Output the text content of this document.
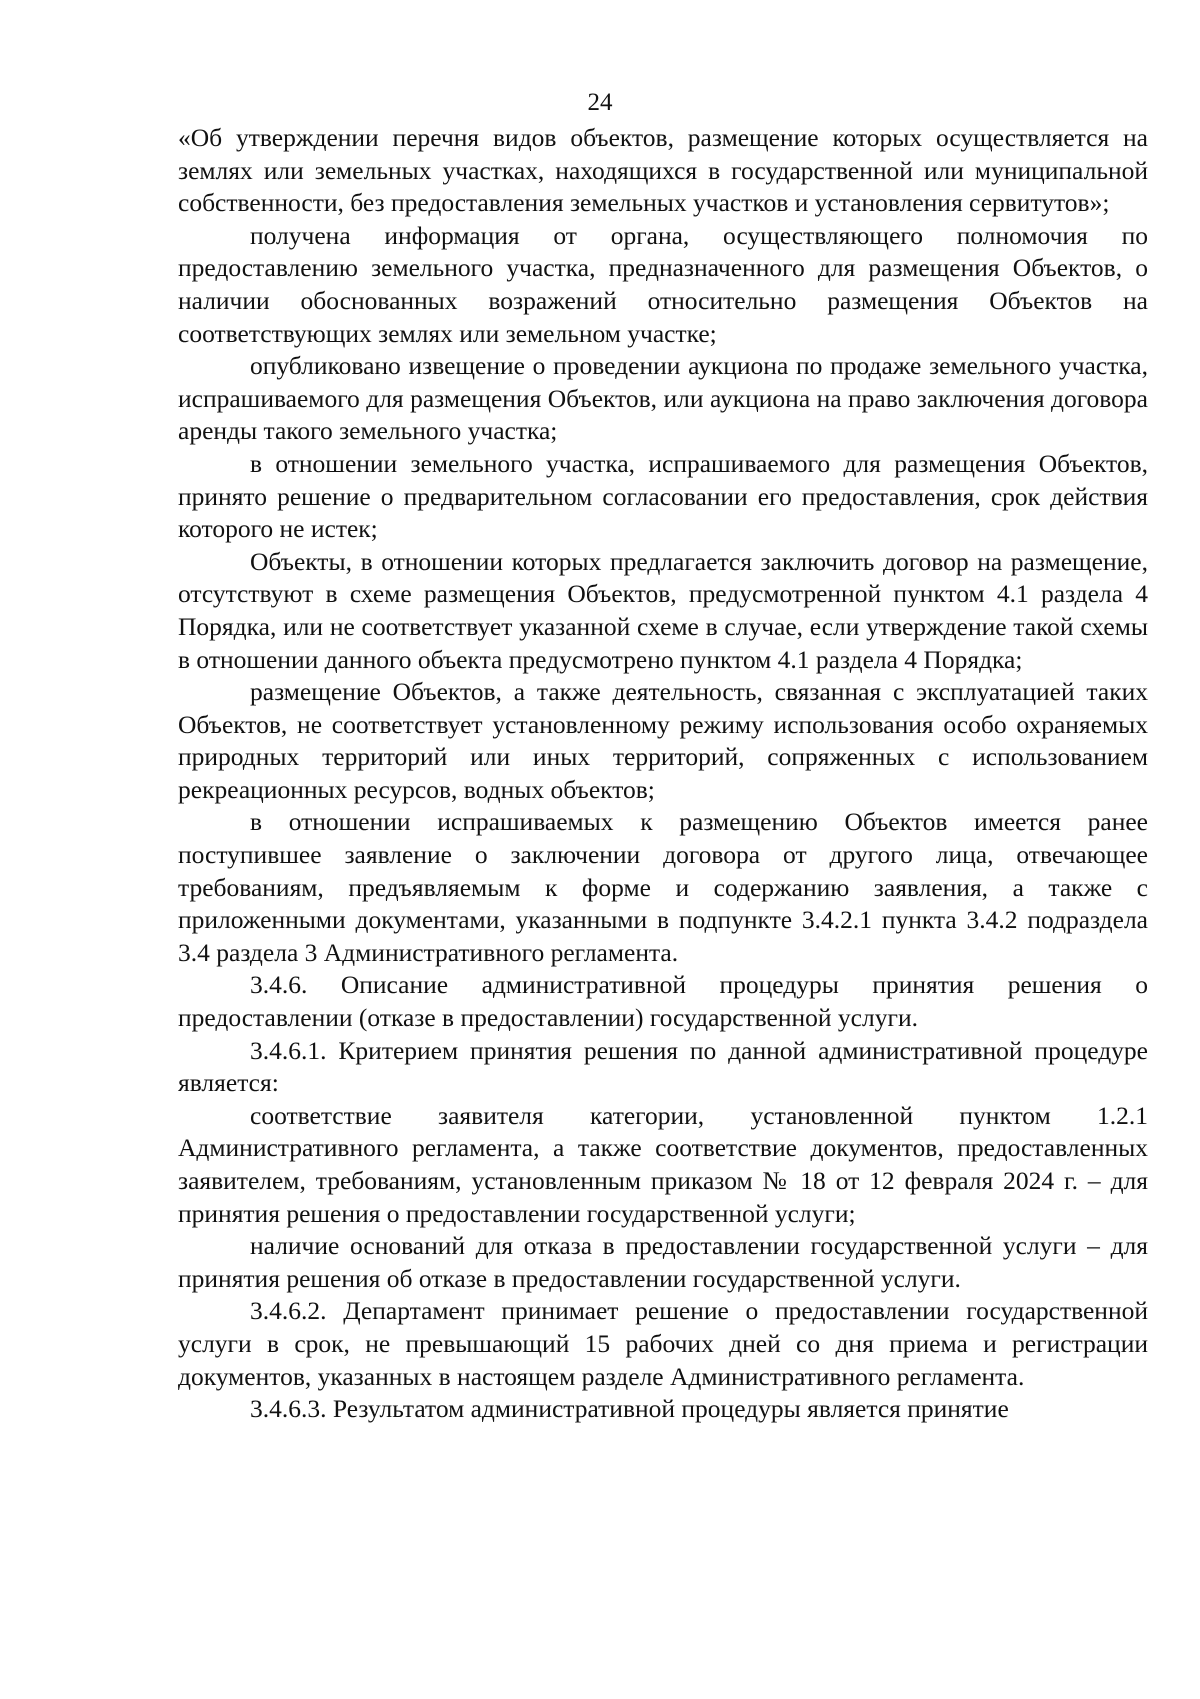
24

«Об утверждении перечня видов объектов, размещение которых осуществляется на землях или земельных участках, находящихся в государственной или муниципальной собственности, без предоставления земельных участков и установления сервитутов»;

получена информация от органа, осуществляющего полномочия по предоставлению земельного участка, предназначенного для размещения Объектов, о наличии обоснованных возражений относительно размещения Объектов на соответствующих землях или земельном участке;

опубликовано извещение о проведении аукциона по продаже земельного участка, испрашиваемого для размещения Объектов, или аукциона на право заключения договора аренды такого земельного участка;

в отношении земельного участка, испрашиваемого для размещения Объектов, принято решение о предварительном согласовании его предоставления, срок действия которого не истек;

Объекты, в отношении которых предлагается заключить договор на размещение, отсутствуют в схеме размещения Объектов, предусмотренной пунктом 4.1 раздела 4 Порядка, или не соответствует указанной схеме в случае, если утверждение такой схемы в отношении данного объекта предусмотрено пунктом 4.1 раздела 4 Порядка;

размещение Объектов, а также деятельность, связанная с эксплуатацией таких Объектов, не соответствует установленному режиму использования особо охраняемых природных территорий или иных территорий, сопряженных с использованием рекреационных ресурсов, водных объектов;

в отношении испрашиваемых к размещению Объектов имеется ранее поступившее заявление о заключении договора от другого лица, отвечающее требованиям, предъявляемым к форме и содержанию заявления, а также с приложенными документами, указанными в подпункте 3.4.2.1 пункта 3.4.2 подраздела 3.4 раздела 3 Административного регламента.

3.4.6. Описание административной процедуры принятия решения о предоставлении (отказе в предоставлении) государственной услуги.

3.4.6.1. Критерием принятия решения по данной административной процедуре является:

соответствие заявителя категории, установленной пунктом 1.2.1 Административного регламента, а также соответствие документов, предоставленных заявителем, требованиям, установленным приказом № 18 от 12 февраля 2024 г. – для принятия решения о предоставлении государственной услуги;

наличие оснований для отказа в предоставлении государственной услуги – для принятия решения об отказе в предоставлении государственной услуги.

3.4.6.2. Департамент принимает решение о предоставлении государственной услуги в срок, не превышающий 15 рабочих дней со дня приема и регистрации документов, указанных в настоящем разделе Административного регламента.

3.4.6.3. Результатом административной процедуры является принятие
